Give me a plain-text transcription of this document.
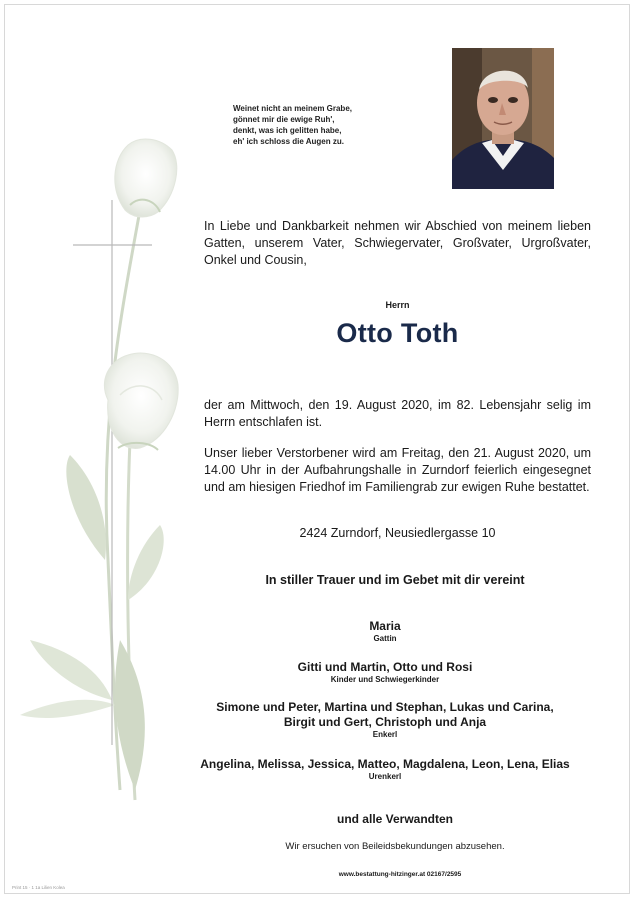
Weinet nicht an meinem Grabe,
gönnet mir die ewige Ruh',
denkt, was ich gelitten habe,
eh' ich schloss die Augen zu.
In Liebe und Dankbarkeit nehmen wir Abschied von meinem lieben Gatten, unserem Vater, Schwiegervater, Großvater, Urgroßvater, Onkel und Cousin,
Herrn
Otto Toth
der am Mittwoch, den 19. August 2020, im 82. Lebensjahr selig im Herrn entschlafen ist.
Unser lieber Verstorbener wird am Freitag, den 21. August 2020, um 14.00 Uhr in der Aufbahrungshalle in Zurndorf feierlich eingesegnet und am hiesigen Friedhof im Familiengrab zur ewigen Ruhe bestattet.
2424 Zurndorf, Neusiedlergasse 10
In stiller Trauer und im Gebet mit dir vereint
Maria
Gattin
Gitti und Martin, Otto und Rosi
Kinder und Schwiegerkinder
Simone und Peter, Martina und Stephan, Lukas und Carina,
Birgit und Gert, Christoph und Anja
Enkerl
Angelina, Melissa, Jessica, Matteo, Magdalena, Leon, Lena, Elias
Urenkerl
und alle Verwandten
Wir ersuchen von Beileidsbekundungen abzusehen.
www.bestattung-hitzinger.at 02167/2595
Print 15 · 1 1a Lilien Kolea
